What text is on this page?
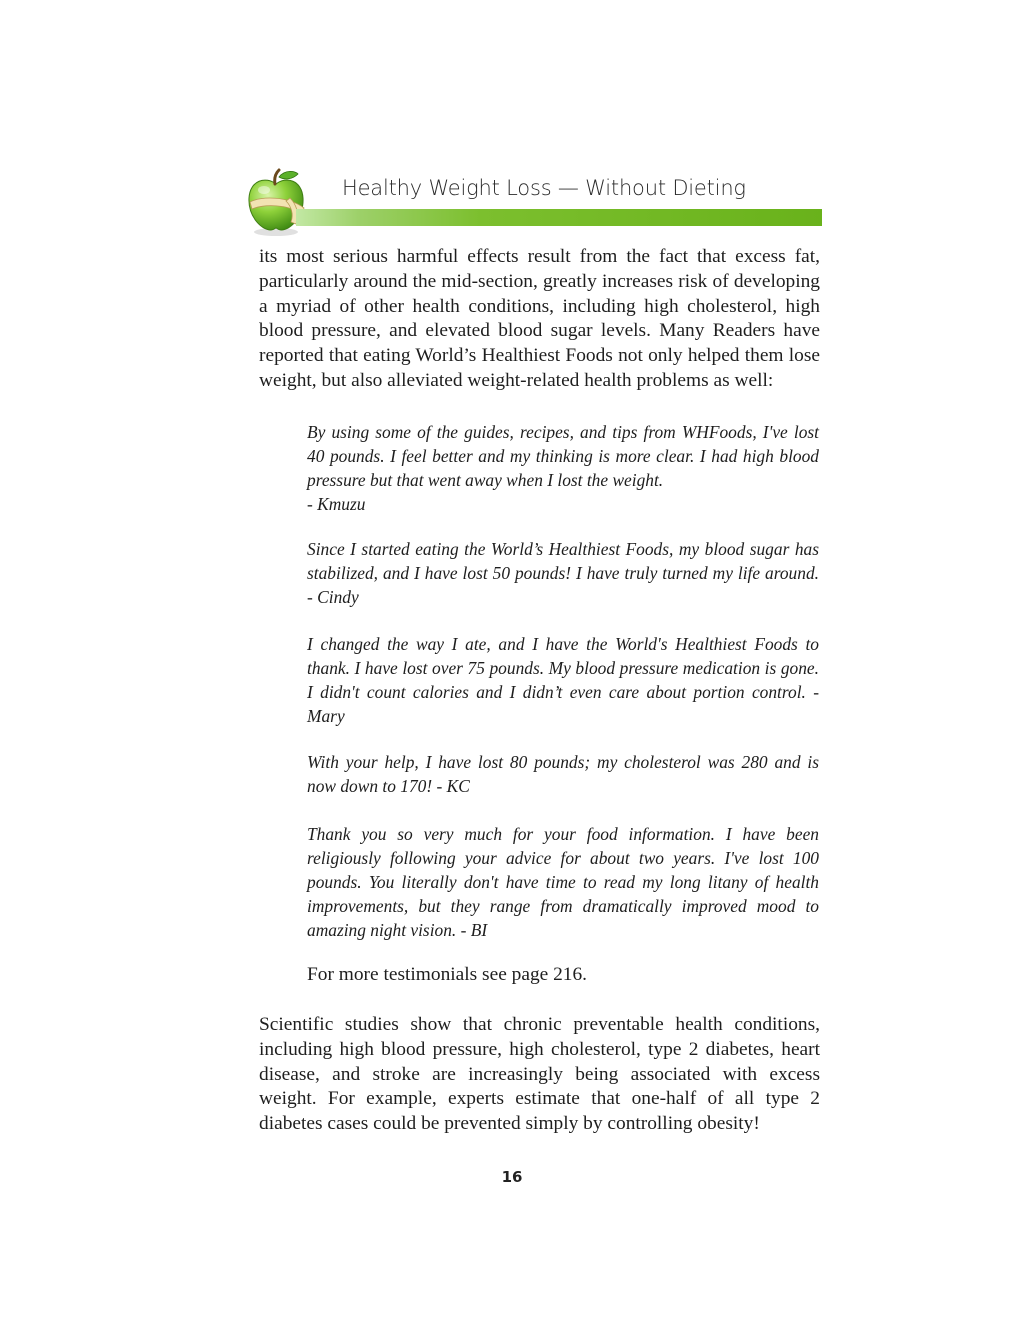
Healthy Weight Loss — Without Dieting

its most serious harmful effects result from the fact that excess fat, particularly around the mid-section, greatly increases risk of developing a myriad of other health conditions, including high cholesterol, high blood pressure, and elevated blood sugar levels. Many Readers have reported that eating World’s Healthiest Foods not only helped them lose weight, but also alleviated weight-related health problems as well:

By using some of the guides, recipes, and tips from WHFoods, I've lost 40 pounds. I feel better and my thinking is more clear. I had high blood pressure but that went away when I lost the weight.
- Kmuzu

Since I started eating the World’s Healthiest Foods, my blood sugar has stabilized, and I have lost 50 pounds! I have truly turned my life around. - Cindy

I changed the way I ate, and I have the World's Healthiest Foods to thank. I have lost over 75 pounds. My blood pressure medication is gone. I didn't count calories and I didn’t even care about portion control. - Mary

With your help, I have lost 80 pounds; my cholesterol was 280 and is now down to 170! - KC

Thank you so very much for your food information. I have been religiously following your advice for about two years. I've lost 100 pounds. You literally don't have time to read my long litany of health improvements, but they range from dramatically improved mood to amazing night vision. - BI

For more testimonials see page 216.

Scientific studies show that chronic preventable health conditions, including high blood pressure, high cholesterol, type 2 diabetes, heart disease, and stroke are increasingly being associated with excess weight. For example, experts estimate that one-half of all type 2 diabetes cases could be prevented simply by controlling obesity!

16
